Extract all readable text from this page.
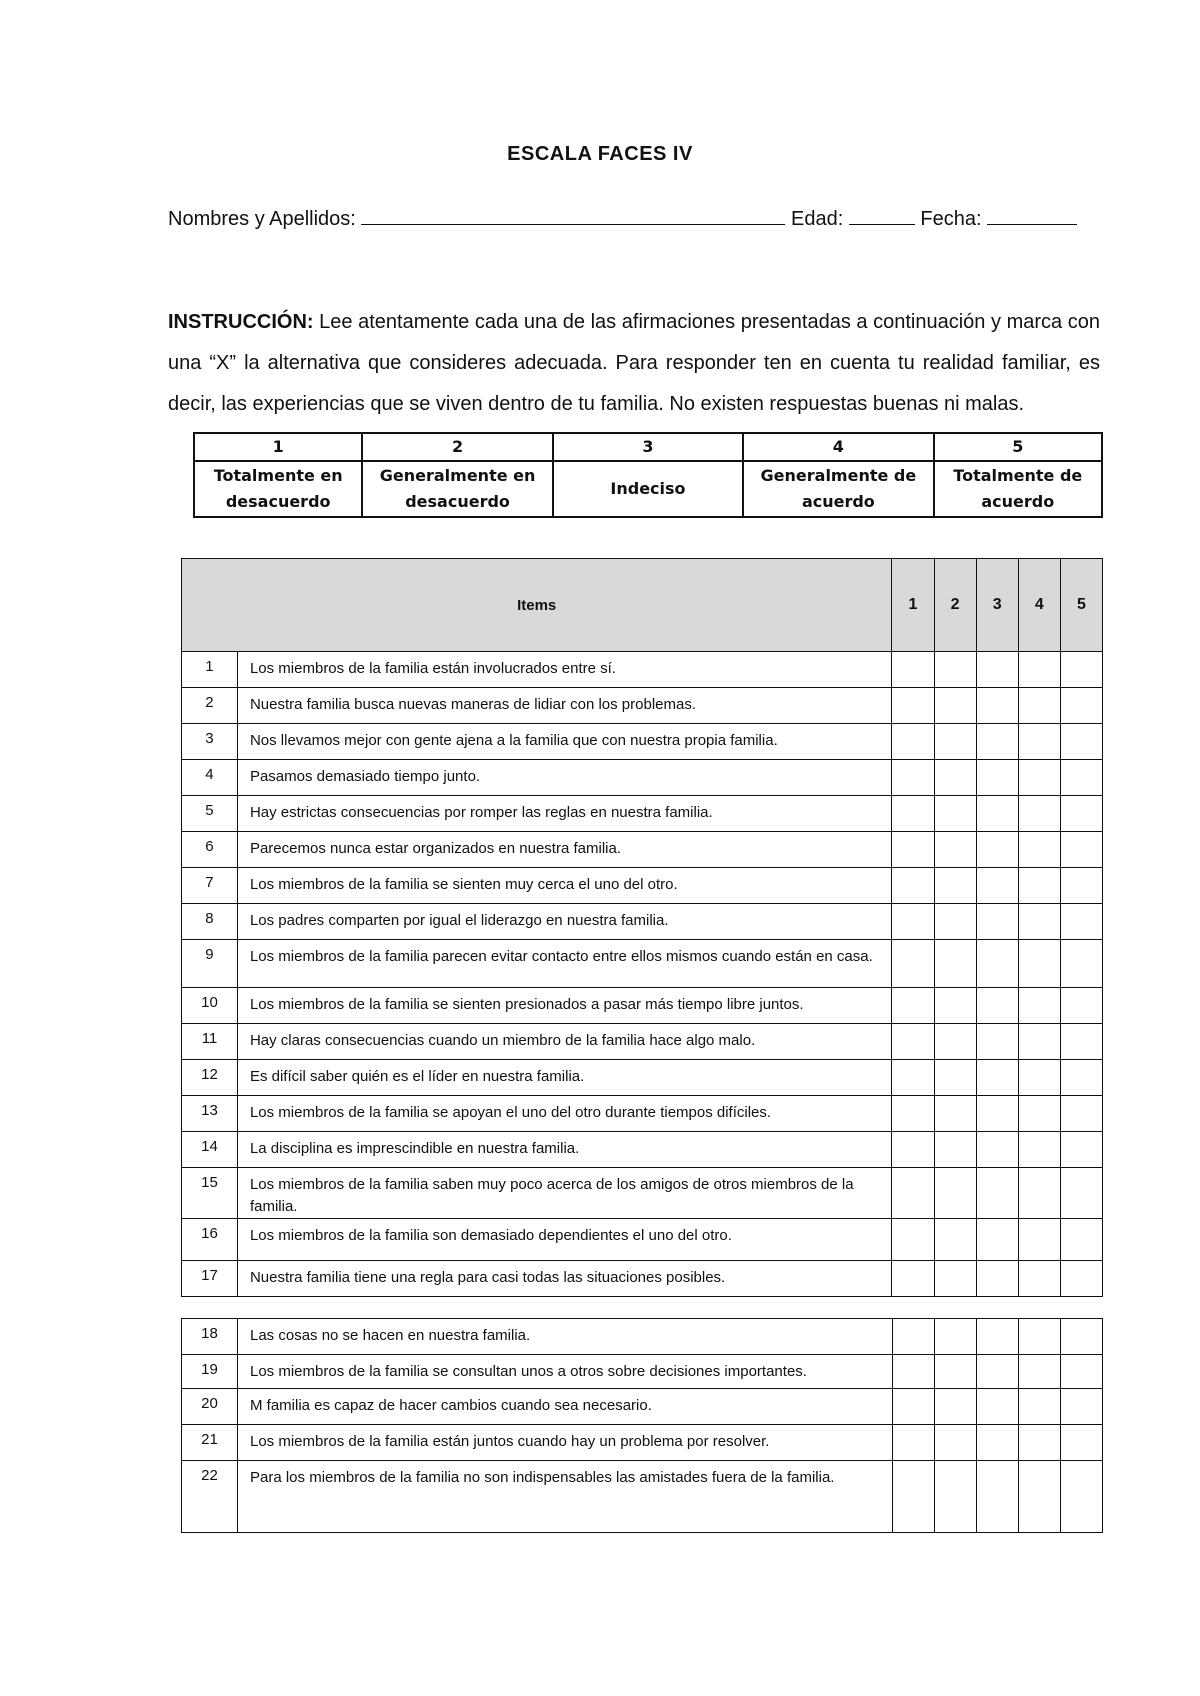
ESCALA FACES IV
Nombres y Apellidos:	Edad:	Fecha:

INSTRUCCIÓN: Lee atentamente cada una de las afirmaciones presentadas a continuación y marca con una “X” la alternativa que consideres adecuada. Para responder ten en cuenta tu realidad familiar, es decir, las experiencias que se viven dentro de tu familia. No existen respuestas buenas ni malas.

1	2	3	4	5
Totalmente en desacuerdo	Generalmente en desacuerdo	Indeciso	Generalmente de acuerdo	Totalmente de acuerdo
Items		1	2	3	4	5
1	Los miembros de la familia están involucrados entre sí.					
2	Nuestra familia busca nuevas maneras de lidiar con los problemas.					
3	Nos llevamos mejor con gente ajena a la familia que con nuestra propia familia.					
4	Pasamos demasiado tiempo junto.					
5	Hay estrictas consecuencias por romper las reglas en nuestra familia.					
6	Parecemos nunca estar organizados en nuestra familia.					
7	Los miembros de la familia se sienten muy cerca el uno del otro.					
8	Los padres comparten por igual el liderazgo en nuestra familia.					
9	Los miembros de la familia parecen evitar contacto entre ellos mismos cuando están en casa.					
10	Los miembros de la familia se sienten presionados a pasar más tiempo libre juntos.					
11	Hay claras consecuencias cuando un miembro de la familia hace algo malo.					
12	Es difícil saber quién es el líder en nuestra familia.					
13	Los miembros de la familia se apoyan el uno del otro durante tiempos difíciles.					
14	La disciplina es imprescindible en nuestra familia.					
15	Los miembros de la familia saben muy poco acerca de los amigos de otros miembros de la familia.					
16	Los miembros de la familia son demasiado dependientes el uno del otro.					
17	Nuestra familia tiene una regla para casi todas las situaciones posibles.					
18	Las cosas no se hacen en nuestra familia.					
19	Los miembros de la familia se consultan unos a otros sobre decisiones importantes.					
20	M familia es capaz de hacer cambios cuando sea necesario.					
21	Los miembros de la familia están juntos cuando hay un problema por resolver.					
22	Para los miembros de la familia no son indispensables las amistades fuera de la familia.					
